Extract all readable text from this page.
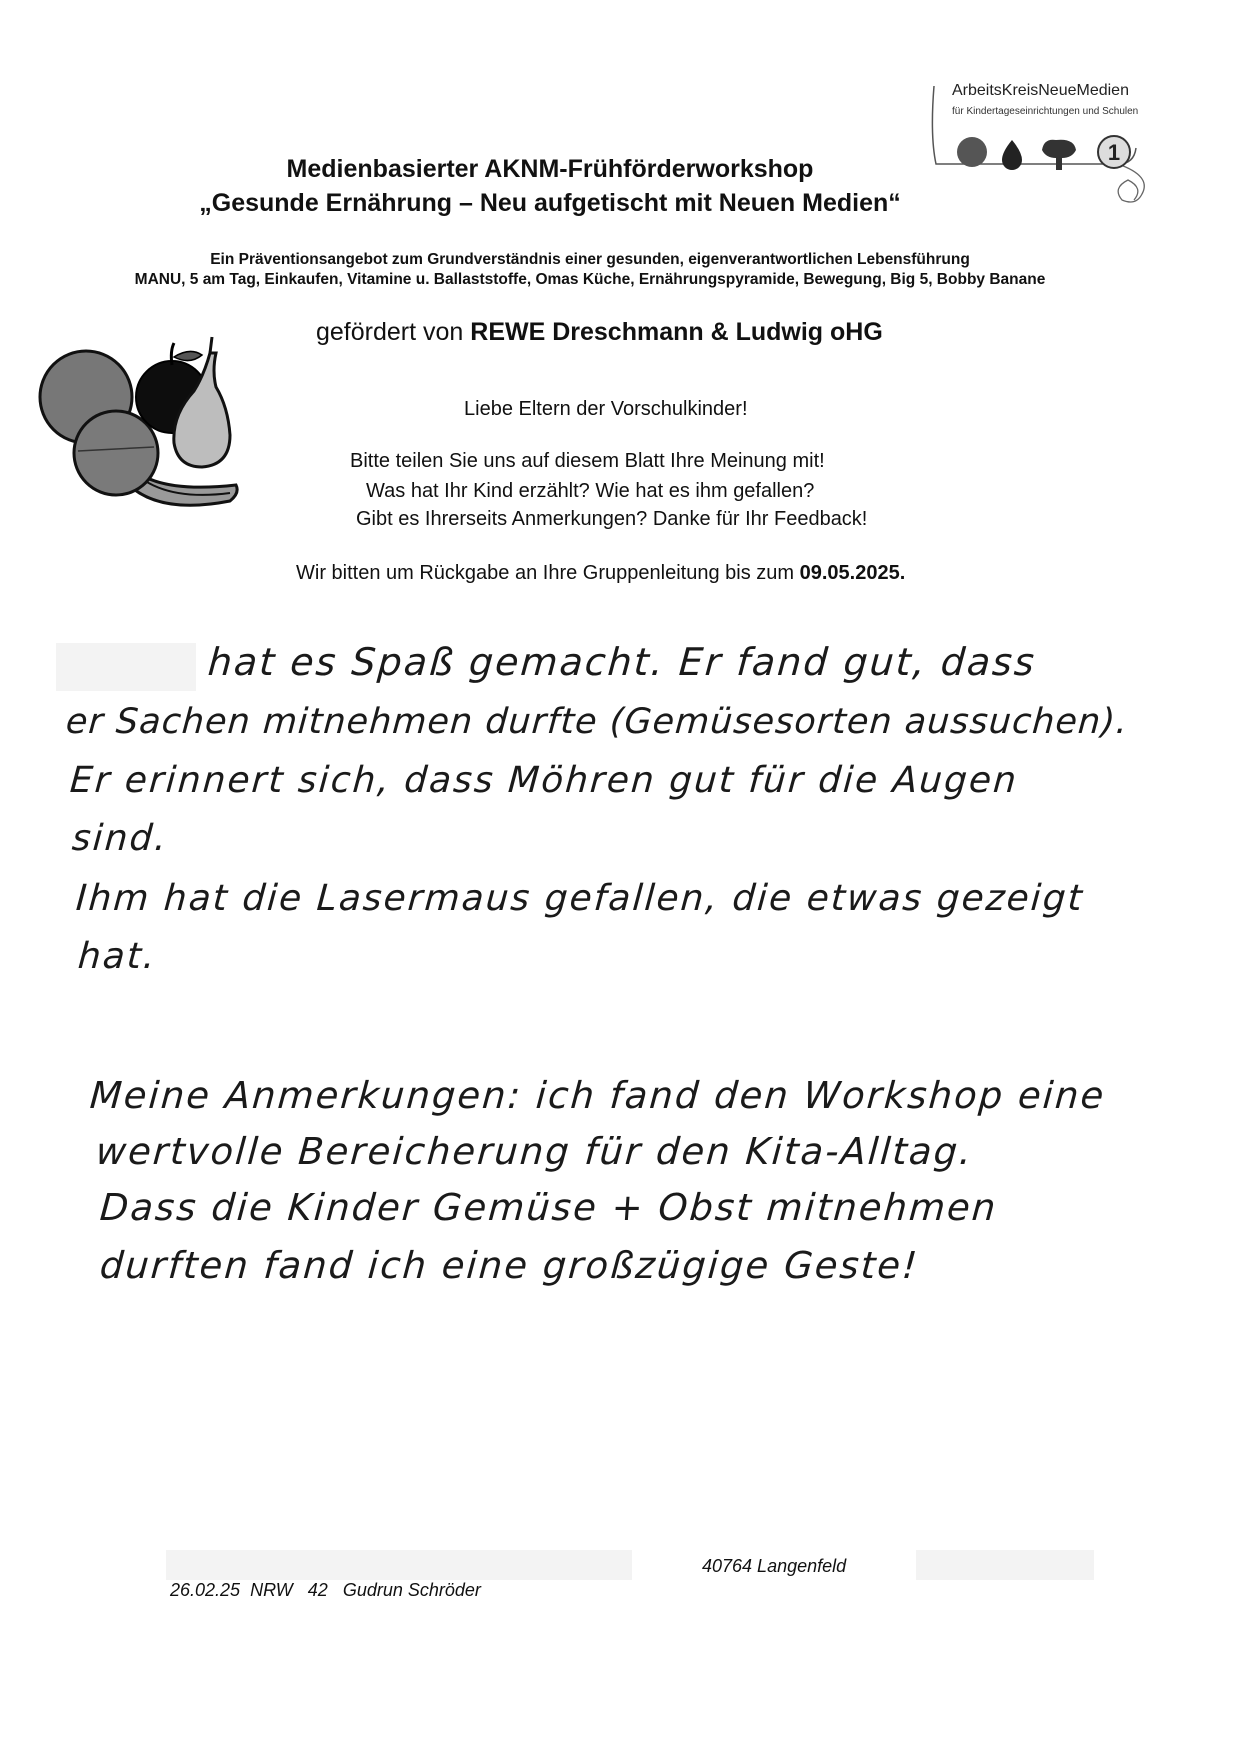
1
ArbeitsKreisNeueMedien
für Kindertageseinrichtungen und Schulen
Medienbasierter AKNM-Frühförderworkshop
„Gesunde Ernährung – Neu aufgetischt mit Neuen Medien“
Ein Präventionsangebot zum Grundverständnis einer gesunden, eigenverantwortlichen Lebensführung
MANU, 5 am Tag, Einkaufen, Vitamine u. Ballaststoffe, Omas Küche, Ernährungspyramide, Bewegung, Big 5, Bobby Banane
gefördert von REWE Dreschmann & Ludwig oHG
Liebe Eltern der Vorschulkinder!
Bitte teilen Sie uns auf diesem Blatt Ihre Meinung mit!
Was hat Ihr Kind erzählt? Wie hat es ihm gefallen?
Gibt es Ihrerseits Anmerkungen? Danke für Ihr Feedback!
Wir bitten um Rückgabe an Ihre Gruppenleitung bis zum 09.05.2025.
hat es Spaß gemacht. Er fand gut, dass
er Sachen mitnehmen durfte (Gemüsesorten aussuchen).
Er erinnert sich, dass Möhren gut für die Augen
sind.
Ihm hat die Lasermaus gefallen, die etwas gezeigt
hat.
Meine Anmerkungen: ich fand den Workshop eine
wertvolle Bereicherung für den Kita-Alltag.
Dass die Kinder Gemüse + Obst mitnehmen
durften fand ich eine großzügige Geste!
26.02.25 NRW 42 Gudrun Schröder
40764 Langenfeld
